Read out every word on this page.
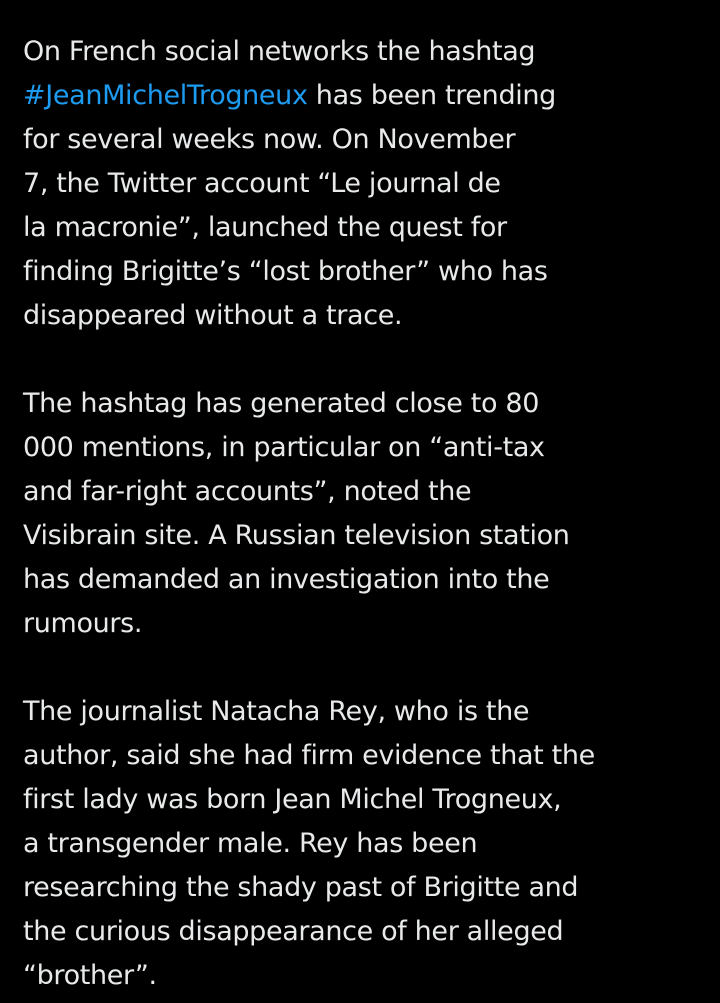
On French social networks the hashtag
#JeanMichelTrogneux has been trending
for several weeks now. On November
7, the Twitter account “Le journal de
la macronie”, launched the quest for
finding Brigitte’s “lost brother” who has
disappeared without a trace.

The hashtag has generated close to 80
000 mentions, in particular on “anti-tax
and far-right accounts”, noted the
Visibrain site. A Russian television station
has demanded an investigation into the
rumours.

The journalist Natacha Rey, who is the
author, said she had firm evidence that the
first lady was born Jean Michel Trogneux,
a transgender male. Rey has been
researching the shady past of Brigitte and
the curious disappearance of her alleged
“brother”.
